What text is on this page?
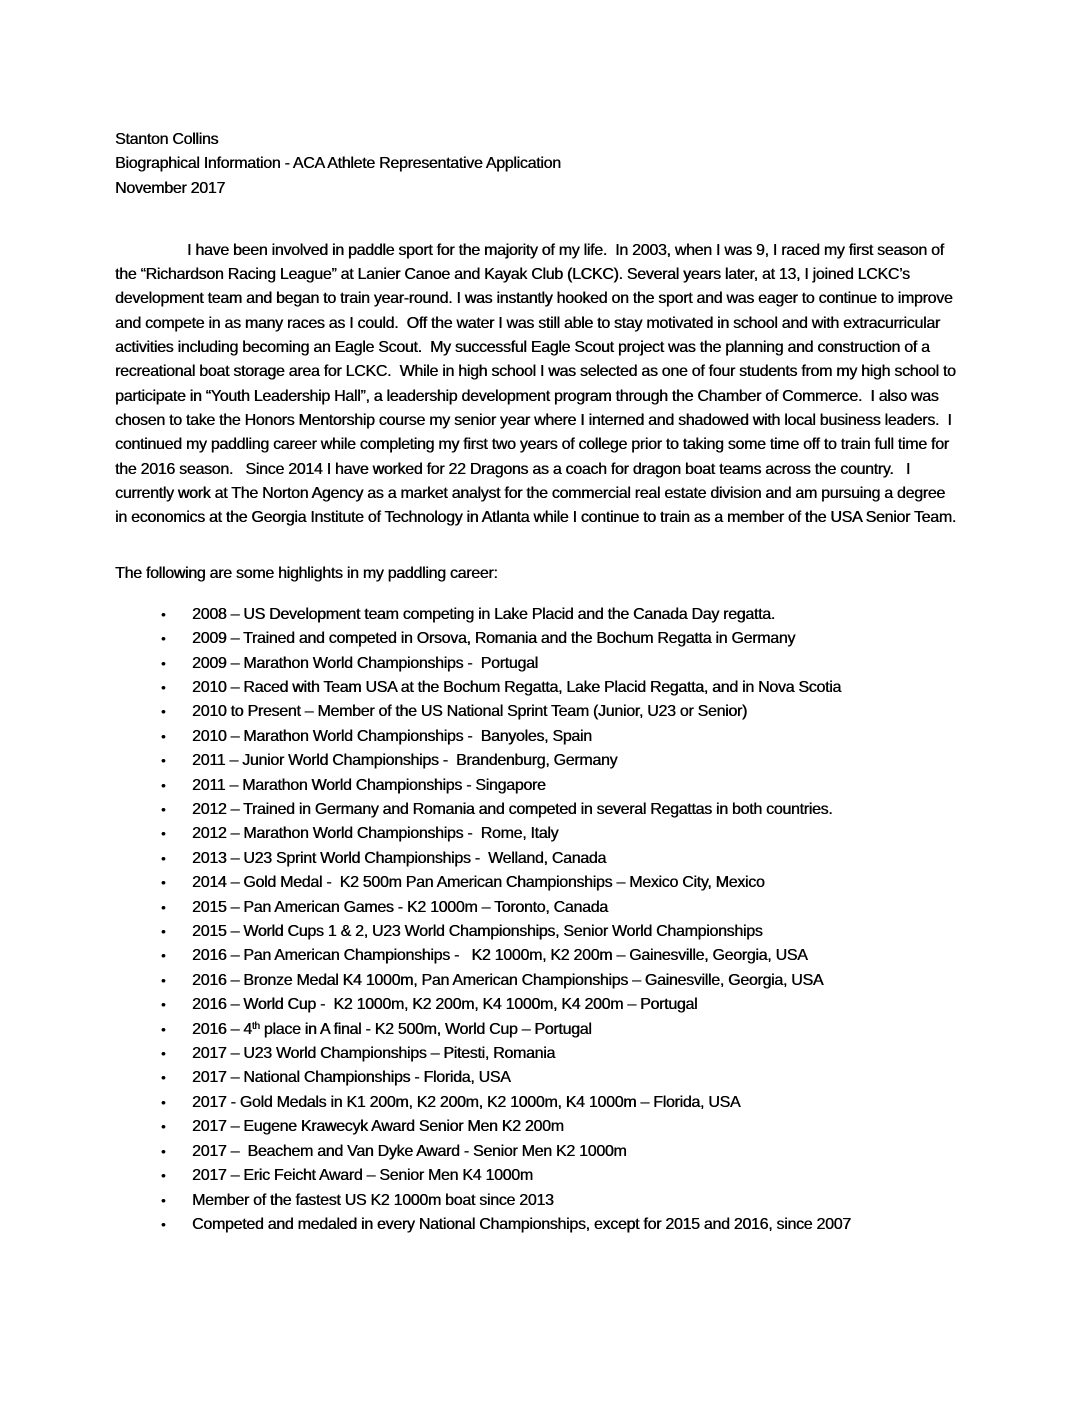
Stanton Collins
Biographical Information - ACA Athlete Representative Application
November 2017

I have been involved in paddle sport for the majority of my life.  In 2003, when I was 9, I raced my first season of the “Richardson Racing League” at Lanier Canoe and Kayak Club (LCKC). Several years later, at 13, I joined LCKC’s development team and began to train year-round. I was instantly hooked on the sport and was eager to continue to improve and compete in as many races as I could.  Off the water I was still able to stay motivated in school and with extracurricular activities including becoming an Eagle Scout.  My successful Eagle Scout project was the planning and construction of a recreational boat storage area for LCKC.  While in high school I was selected as one of four students from my high school to participate in “Youth Leadership Hall”, a leadership development program through the Chamber of Commerce.  I also was chosen to take the Honors Mentorship course my senior year where I interned and shadowed with local business leaders.  I continued my paddling career while completing my first two years of college prior to taking some time off to train full time for the 2016 season.   Since 2014 I have worked for 22 Dragons as a coach for dragon boat teams across the country.   I currently work at The Norton Agency as a market analyst for the commercial real estate division and am pursuing a degree in economics at the Georgia Institute of Technology in Atlanta while I continue to train as a member of the USA Senior Team.

The following are some highlights in my paddling career:

• 2008 – US Development team competing in Lake Placid and the Canada Day regatta.
• 2009 – Trained and competed in Orsova, Romania and the Bochum Regatta in Germany
• 2009 – Marathon World Championships -  Portugal
• 2010 – Raced with Team USA at the Bochum Regatta, Lake Placid Regatta, and in Nova Scotia
• 2010 to Present – Member of the US National Sprint Team (Junior, U23 or Senior)
• 2010 – Marathon World Championships -  Banyoles, Spain
• 2011 – Junior World Championships -  Brandenburg, Germany
• 2011 – Marathon World Championships - Singapore
• 2012 – Trained in Germany and Romania and competed in several Regattas in both countries.
• 2012 – Marathon World Championships -  Rome, Italy
• 2013 – U23 Sprint World Championships -  Welland, Canada
• 2014 – Gold Medal -  K2 500m Pan American Championships – Mexico City, Mexico
• 2015 – Pan American Games - K2 1000m – Toronto, Canada
• 2015 – World Cups 1 & 2, U23 World Championships, Senior World Championships
• 2016 – Pan American Championships -   K2 1000m, K2 200m – Gainesville, Georgia, USA
• 2016 – Bronze Medal K4 1000m, Pan American Championships – Gainesville, Georgia, USA
• 2016 – World Cup -  K2 1000m, K2 200m, K4 1000m, K4 200m – Portugal
• 2016 – 4th place in A final - K2 500m, World Cup – Portugal
• 2017 – U23 World Championships – Pitesti, Romania
• 2017 – National Championships - Florida, USA
• 2017 - Gold Medals in K1 200m, K2 200m, K2 1000m, K4 1000m – Florida, USA
• 2017 – Eugene Krawecyk Award Senior Men K2 200m
• 2017 –  Beachem and Van Dyke Award - Senior Men K2 1000m
• 2017 – Eric Feicht Award – Senior Men K4 1000m
• Member of the fastest US K2 1000m boat since 2013
• Competed and medaled in every National Championships, except for 2015 and 2016, since 2007
